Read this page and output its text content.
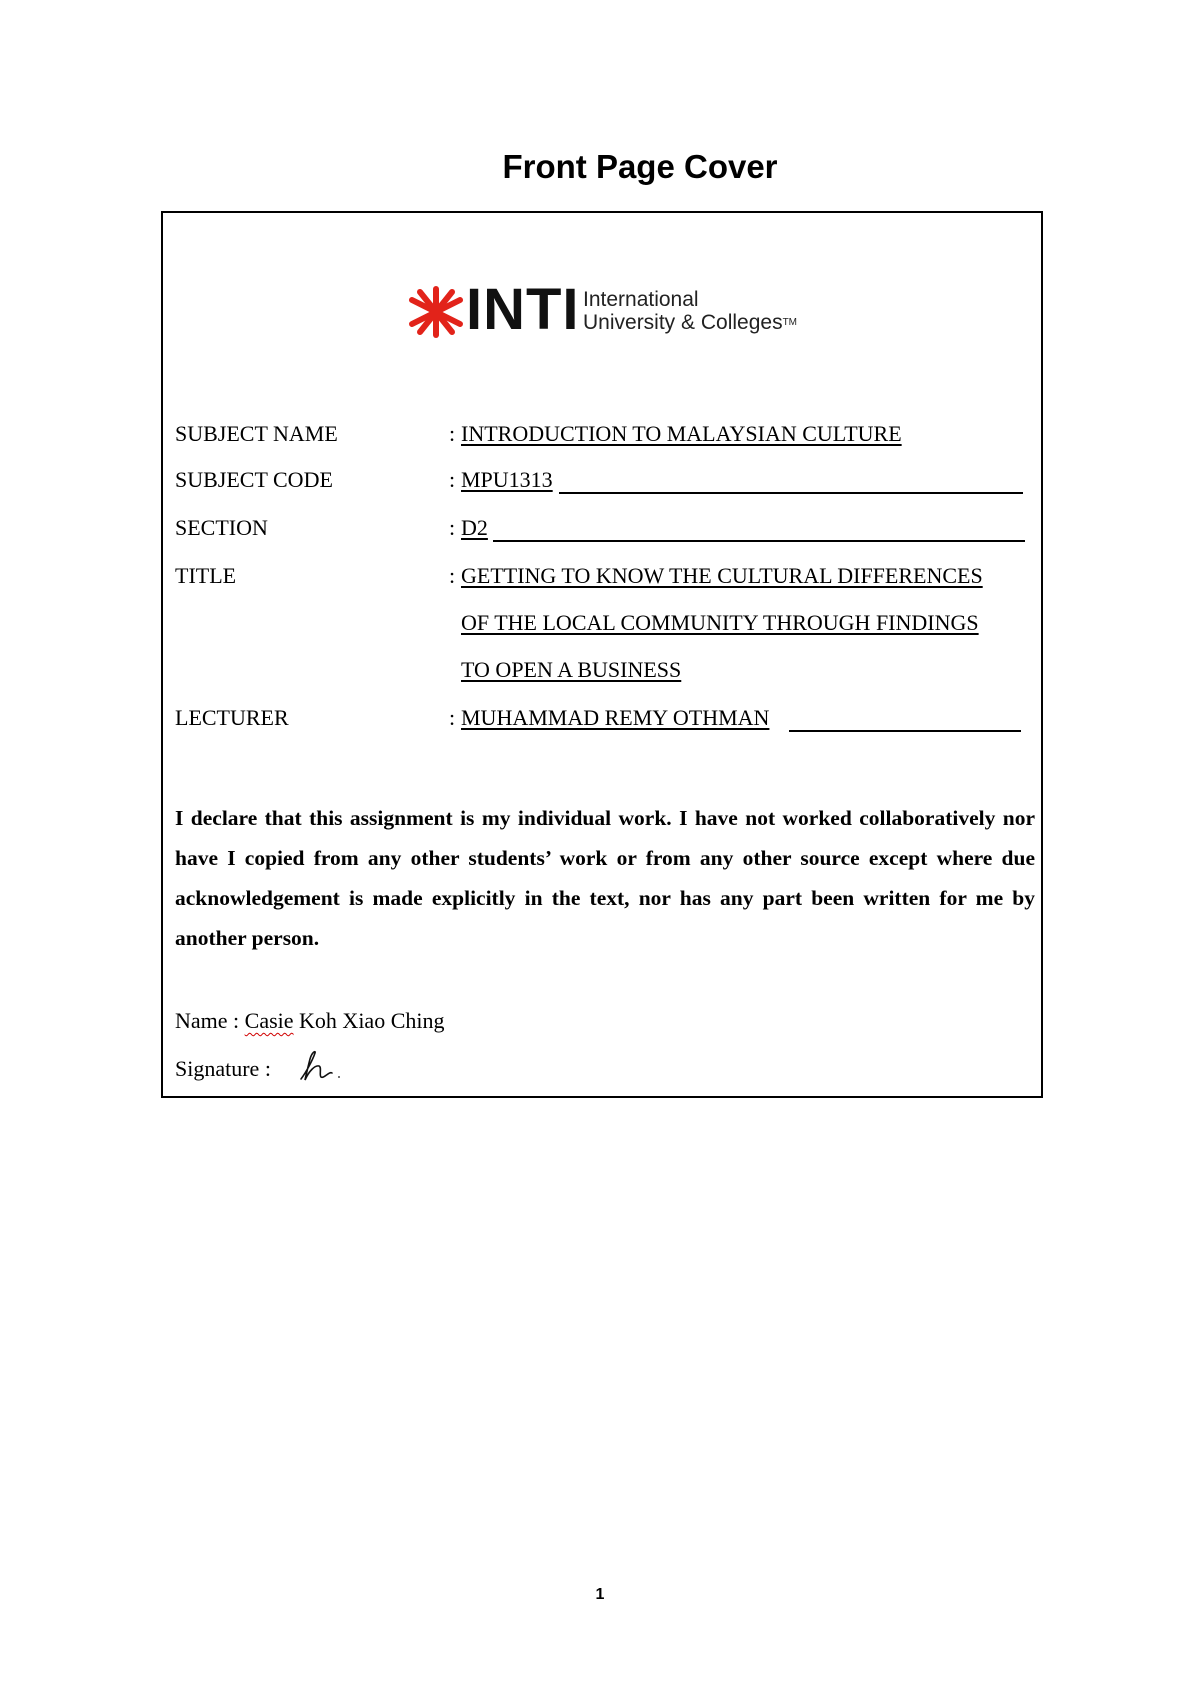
Front Page Cover
INTI International
University & Colleges™
SUBJECT NAME	: INTRODUCTION TO MALAYSIAN CULTURE
SUBJECT CODE	: MPU1313
SECTION	: D2
TITLE	: GETTING TO KNOW THE CULTURAL DIFFERENCES
OF THE LOCAL COMMUNITY THROUGH FINDINGS
TO OPEN A BUSINESS
LECTURER	: MUHAMMAD REMY OTHMAN
I declare that this assignment is my individual work. I have not worked collaboratively nor have I copied from any other students’ work or from any other source except where due acknowledgement is made explicitly in the text, nor has any part been written for me by another person.
Name : Casie Koh Xiao Ching
Signature :
1
